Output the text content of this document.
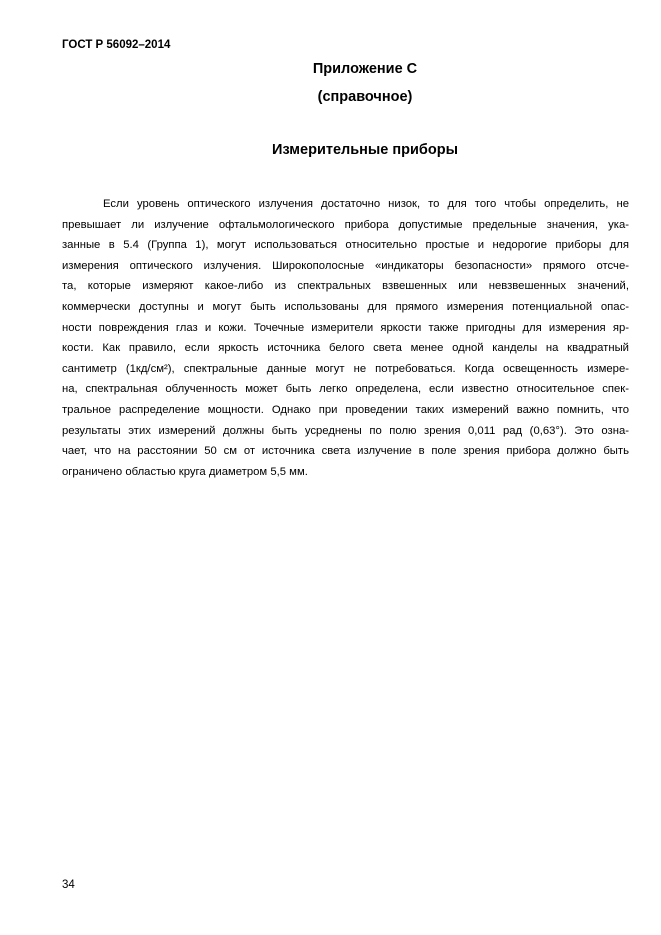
ГОСТ Р 56092–2014
Приложение С
(справочное)
Измерительные приборы
Если уровень оптического излучения достаточно низок, то для того чтобы определить, не
превышает ли излучение офтальмологического прибора допустимые предельные значения, ука-
занные в 5.4 (Группа 1), могут использоваться относительно простые и недорогие приборы для
измерения оптического излучения. Широкополосные «индикаторы безопасности» прямого отсче-
та, которые измеряют какое-либо из спектральных взвешенных или невзвешенных значений,
коммерчески доступны и могут быть использованы для прямого измерения потенциальной опас-
ности повреждения глаз и кожи. Точечные измерители яркости также пригодны для измерения яр-
кости. Как правило, если яркость источника белого света менее одной канделы на квадратный
сантиметр (1кд/см²), спектральные данные могут не потребоваться. Когда освещенность измере-
на, спектральная облученность может быть легко определена, если известно относительное спек-
тральное распределение мощности. Однако при проведении таких измерений важно помнить, что
результаты этих измерений должны быть усреднены по полю зрения 0,011 рад (0,63°). Это озна-
чает, что на расстоянии 50 см от источника света излучение в поле зрения прибора должно быть
ограничено областью круга диаметром 5,5 мм.
34
